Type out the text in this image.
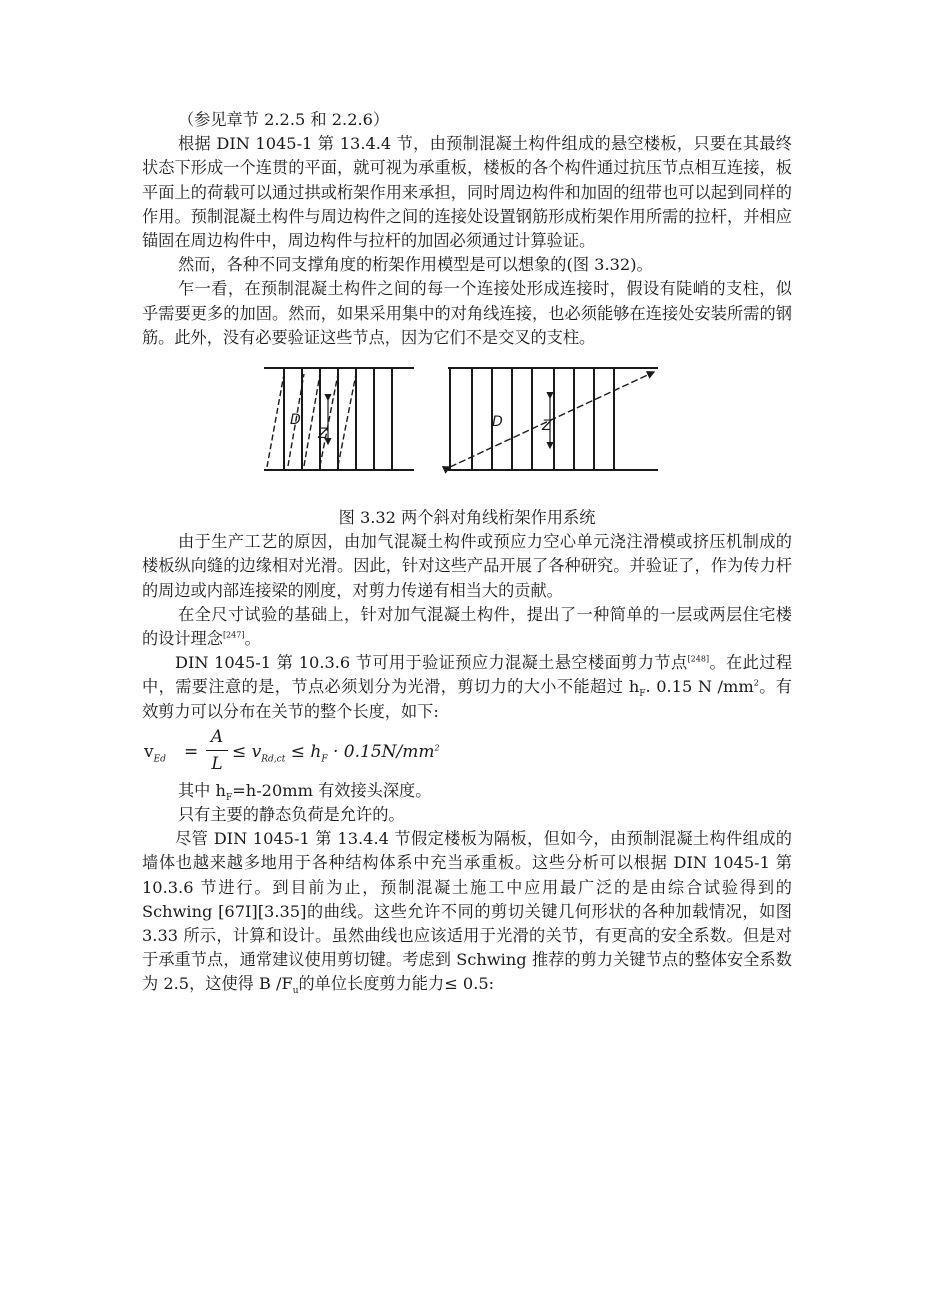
（参见章节 2.2.5 和 2.2.6）

根据 DIN 1045-1 第 13.4.4 节，由预制混凝土构件组成的悬空楼板，只要在其最终状态下形成一个连贯的平面，就可视为承重板，楼板的各个构件通过抗压节点相互连接，板平面上的荷载可以通过拱或桁架作用来承担，同时周边构件和加固的纽带也可以起到同样的作用。预制混凝土构件与周边构件之间的连接处设置钢筋形成桁架作用所需的拉杆，并相应锚固在周边构件中，周边构件与拉杆的加固必须通过计算验证。

然而，各种不同支撑角度的桁架作用模型是可以想象的(图 3.32)。

乍一看，在预制混凝土构件之间的每一个连接处形成连接时，假设有陡峭的支柱，似乎需要更多的加固。然而，如果采用集中的对角线连接，也必须能够在连接处安装所需的钢筋。此外，没有必要验证这些节点，因为它们不是交叉的支柱。

D
Z
D	Z

图 3.32 两个斜对角线桁架作用系统

由于生产工艺的原因，由加气混凝土构件或预应力空心单元浇注滑模或挤压机制成的楼板纵向缝的边缘相对光滑。因此，针对这些产品开展了各种研究。并验证了，作为传力杆的周边或内部连接梁的刚度，对剪力传递有相当大的贡献。

在全尺寸试验的基础上，针对加气混凝土构件，提出了一种简单的一层或两层住宅楼的设计理念[247]。

DIN 1045-1 第 10.3.6 节可用于验证预应力混凝土悬空楼面剪力节点[248]。在此过程中，需要注意的是，节点必须划分为光滑，剪切力的大小不能超过 $h_F$. 0.15 N $/mm^2$。有效剪力可以分布在关节的整个长度，如下:

$v_{Ed}$ =
A
L
≤ $v_{Rd,ct} \le h_F \cdot 0.15N/mm^2$

其中 $h_F=h-20mm$ 有效接头深度。

只有主要的静态负荷是允许的。

尽管 DIN 1045-1 第 13.4.4 节假定楼板为隔板，但如今，由预制混凝土构件组成的墙体也越来越多地用于各种结构体系中充当承重板。这些分析可以根据 DIN 1045-1 第 10.3.6 节进行。到目前为止，预制混凝土施工中应用最广泛的是由综合试验得到的 Schwing [67I][3.35]的曲线。这些允许不同的剪切关键几何形状的各种加载情况，如图 3.33 所示，计算和设计。虽然曲线也应该适用于光滑的关节，有更高的安全系数。但是对于承重节点，通常建议使用剪切键。考虑到 Schwing 推荐的剪力关键节点的整体安全系数为 2.5，这使得 B $/F_u$的单位长度剪力能力≤ 0.5:
